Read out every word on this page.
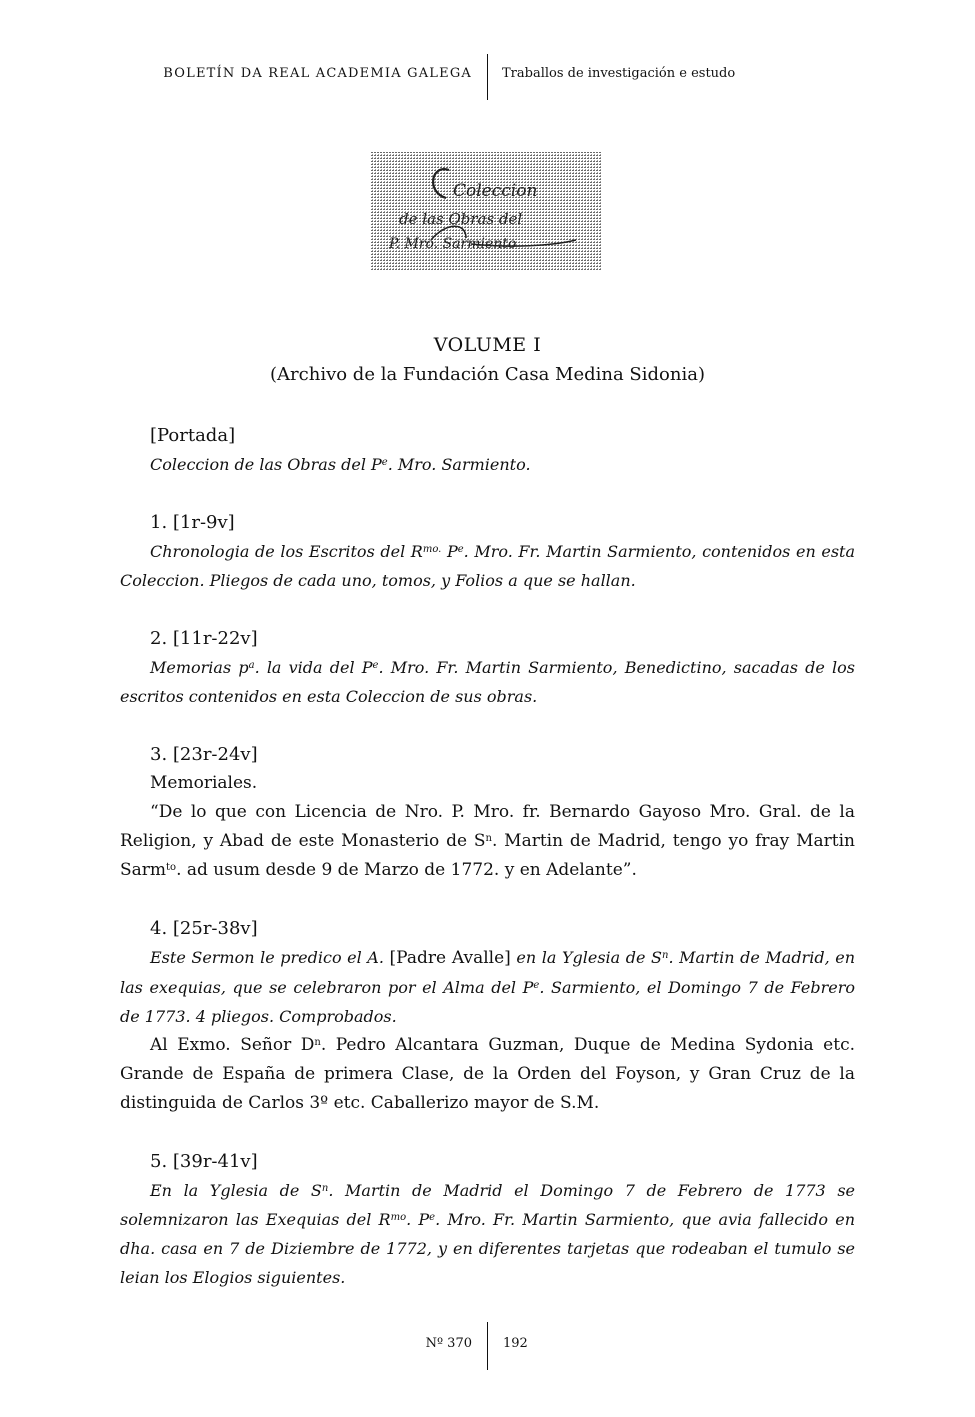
BOLETÍN DA REAL ACADEMIA GALEGA Traballos de investigación e estudo
Coleccion
de las Obras del
P. Mro. Sarmiento
VOLUME I
(Archivo de la Fundación Casa Medina Sidonia)

[Portada]

Coleccion de las Obras del $P^e$. Mro. Sarmiento.

1. [1r-9v]

Chronologia de los Escritos del $R^{mo.}$ $P^e$. Mro. Fr. Martin Sarmiento, contenidos en esta Coleccion. Pliegos de cada uno, tomos, y Folios a que se hallan.

2. [11r-22v]

Memorias $p^a$. la vida del $P^e$. Mro. Fr. Martin Sarmiento, Benedictino, sacadas de los escritos contenidos en esta Coleccion de sus obras.

3. [23r-24v]

Memoriales.

“De lo que con Licencia de Nro. P. Mro. fr. Bernardo Gayoso Mro. Gral. de la Religion, y Abad de este Monasterio de $S^n$. Martin de Madrid, tengo yo fray Martin Sarm$^{to}$. ad usum desde 9 de Marzo de 1772. y en Adelante”.

4. [25r-38v]

Este Sermon le predico el A. [Padre Avalle] en la Yglesia de $S^n$. Martin de Madrid, en las exequias, que se celebraron por el Alma del $P^e$. Sarmiento, el Domingo 7 de Febrero de 1773. 4 pliegos. Comprobados.

Al Exmo. Señor $D^n$. Pedro Alcantara Guzman, Duque de Medina Sydonia etc. Grande de España de primera Clase, de la Orden del Foyson, y Gran Cruz de la distinguida de Carlos 3º etc. Caballerizo mayor de S.M.

5. [39r-41v]

En la Yglesia de $S^n$. Martin de Madrid el Domingo 7 de Febrero de 1773 se solemnizaron las Exequias del $R^{mo}$. $P^e$. Mro. Fr. Martin Sarmiento, que avia fallecido en dha. casa en 7 de Diziembre de 1772, y en diferentes tarjetas que rodeaban el tumulo se leian los Elogios siguientes.

Nº 370 192
